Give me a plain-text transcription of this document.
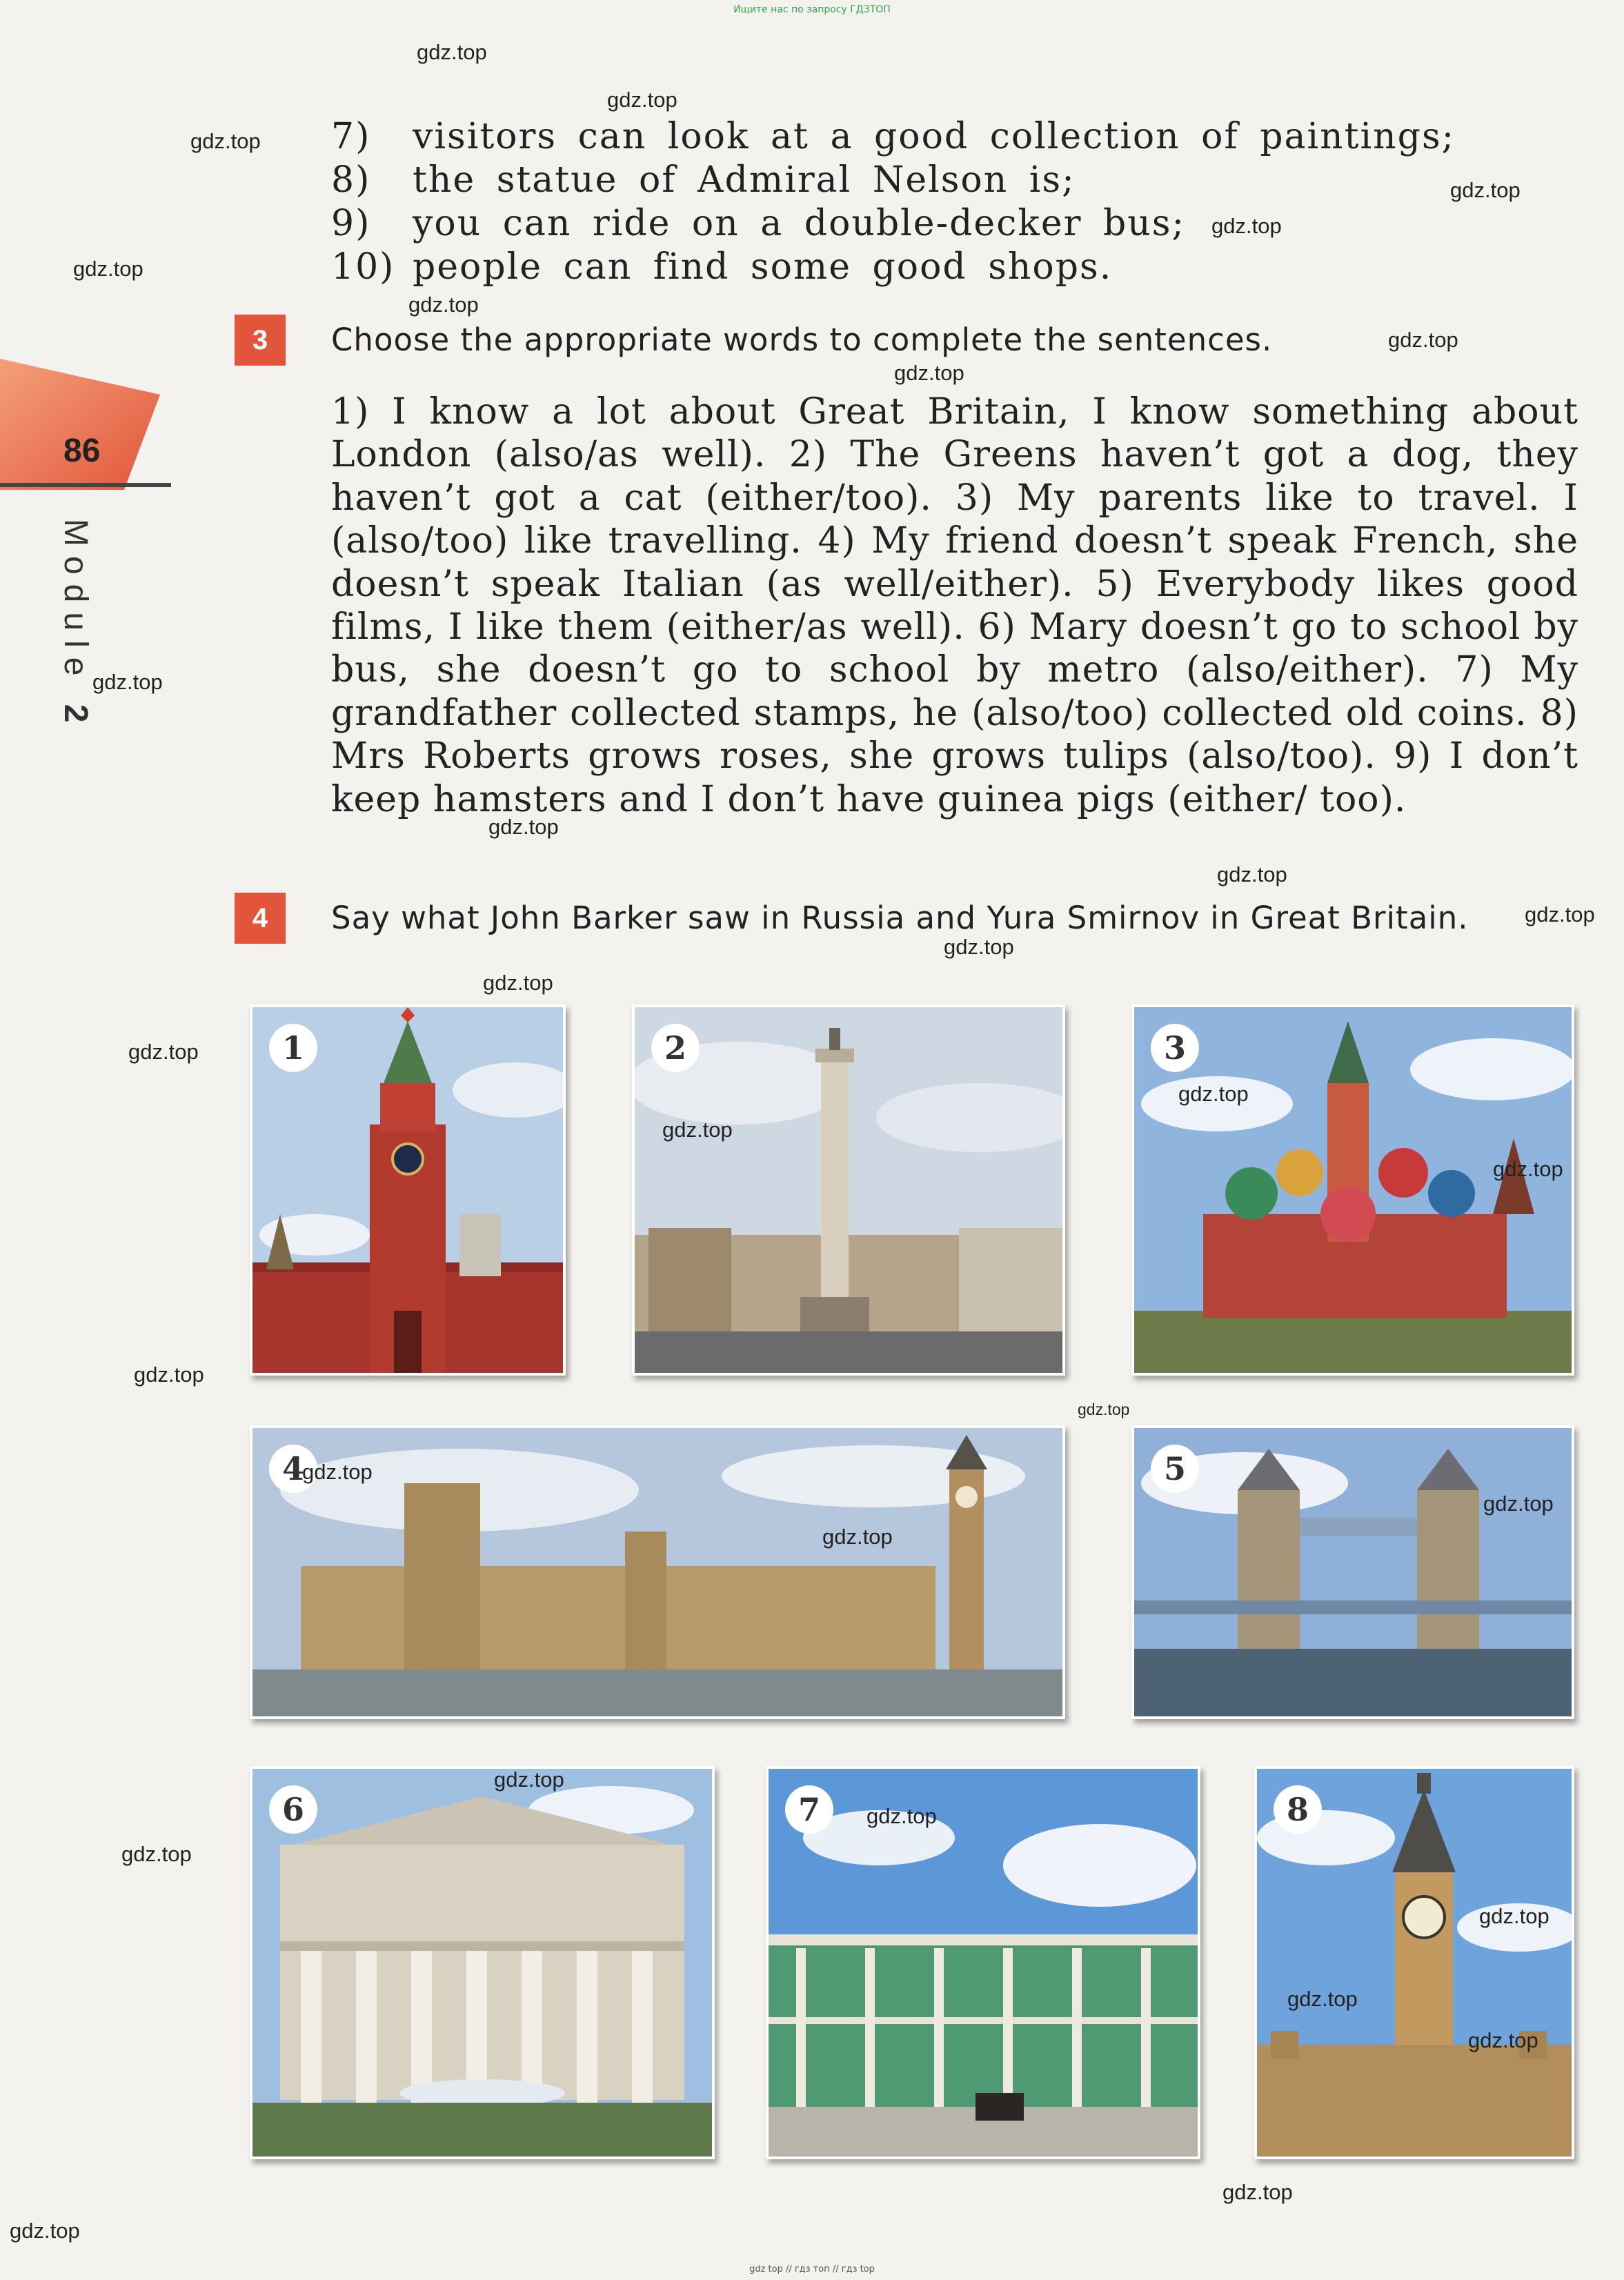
Ищите нас по запросу ГДЗТОП
gdz top // гдз топ // гдз top
86
Module 2
7) visitors can look at a good collection of paintings;
8) the statue of Admiral Nelson is;
9) you can ride on a double-decker bus;
10) people can find some good shops.
3	Choose the appropriate words to complete the sentences.
1) I know a lot about Great Britain, I know something about London (also/as well). 2) The Greens haven’t got a dog, they haven’t got a cat (either/too). 3) My parents like to travel. I (also/too) like travelling. 4) My friend doesn’t speak French, she doesn’t speak Italian (as well/either). 5) Everybody likes good films, I like them (either/as well). 6) Mary doesn’t go to school by bus, she doesn’t go to school by metro (also/either). 7) My grandfather collected stamps, he (also/too) collected old coins. 8) Mrs Roberts grows roses, she grows tulips (also/too). 9) I don’t keep hamsters and I don’t have guinea pigs (either/ too).
4	Say what John Barker saw in Russia and Yura Smirnov in Great Britain.
1	2	3
4	5
6	7	8
gdz.top
gdz.top
gdz.top
gdz.top
gdz.top
gdz.top
gdz.top
gdz.top
gdz.top
gdz.top
gdz.top
gdz.top
gdz.top
gdz.top
gdz.top
gdz.top
gdz.top
gdz.top
gdz.top
gdz.top
gdz.top
gdz.top
gdz.top
gdz.top
gdz.top
gdz.top
gdz.top
gdz.top
gdz.top
gdz.top
gdz.top
gdz.top
